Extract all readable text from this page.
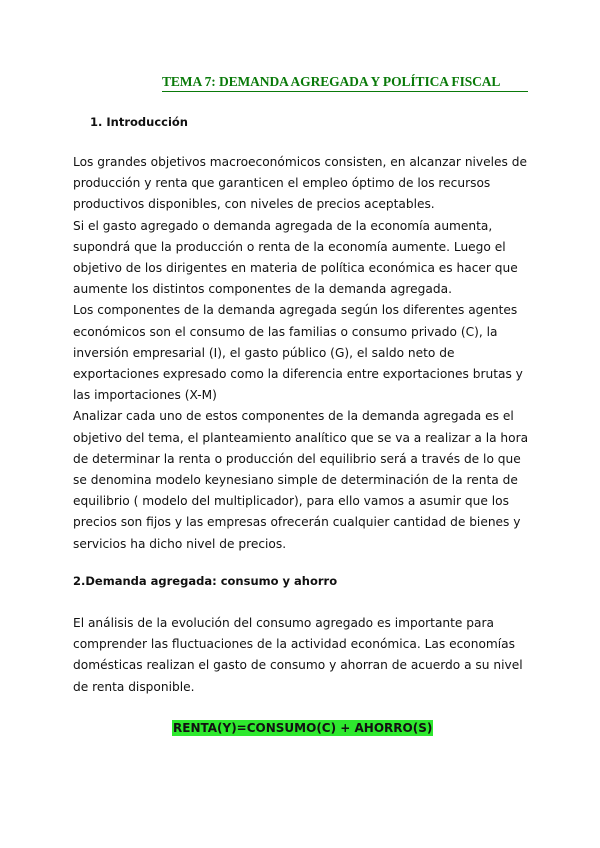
TEMA 7: DEMANDA AGREGADA Y POLÍTICA FISCAL
1. Introducción
Los grandes objetivos macroeconómicos consisten, en alcanzar niveles de
producción y renta que garanticen el empleo óptimo de los recursos
productivos disponibles, con niveles de precios aceptables.
Si el gasto agregado o demanda agregada de la economía aumenta,
supondrá que la producción o renta de la economía aumente. Luego el
objetivo de los dirigentes en materia de política económica es hacer que
aumente los distintos componentes de la demanda agregada.
Los componentes de la demanda agregada según los diferentes agentes
económicos son el consumo de las familias o consumo privado (C), la
inversión empresarial (I), el gasto público (G), el saldo neto de
exportaciones expresado como la diferencia entre exportaciones brutas y
las importaciones (X-M)
Analizar cada uno de estos componentes de la demanda agregada es el
objetivo del tema, el planteamiento analítico que se va a realizar a la hora
de determinar la renta o producción del equilibrio será a través de lo que
se denomina modelo keynesiano simple de determinación de la renta de
equilibrio ( modelo del multiplicador), para ello vamos a asumir que los
precios son fijos y las empresas ofrecerán cualquier cantidad de bienes y
servicios ha dicho nivel de precios.
2.Demanda agregada: consumo y ahorro
El análisis de la evolución del consumo agregado es importante para
comprender las fluctuaciones de la actividad económica. Las economías
domésticas realizan el gasto de consumo y ahorran de acuerdo a su nivel
de renta disponible.
RENTA(Y)=CONSUMO(C) + AHORRO(S)
